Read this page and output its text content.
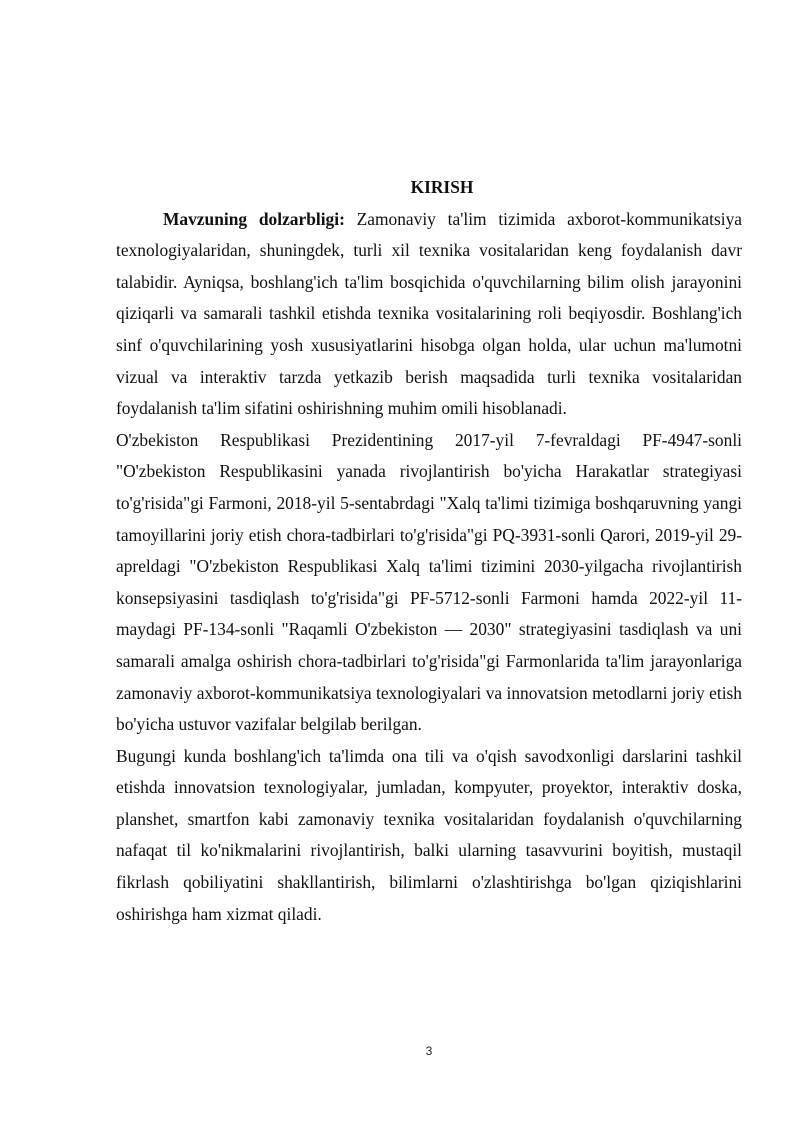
KIRISH

Mavzuning dolzarbligi: Zamonaviy ta'lim tizimida axborot-kommunikatsiya texnologiyalaridan, shuningdek, turli xil texnika vositalaridan keng foydalanish davr talabidir. Ayniqsa, boshlang'ich ta'lim bosqichida o'quvchilarning bilim olish jarayonini qiziqarli va samarali tashkil etishda texnika vositalarining roli beqiyosdir. Boshlang'ich sinf o'quvchilarining yosh xususiyatlarini hisobga olgan holda, ular uchun ma'lumotni vizual va interaktiv tarzda yetkazib berish maqsadida turli texnika vositalaridan foydalanish ta'lim sifatini oshirishning muhim omili hisoblanadi.

O'zbekiston Respublikasi Prezidentining 2017-yil 7-fevraldagi PF-4947-sonli "O'zbekiston Respublikasini yanada rivojlantirish bo'yicha Harakatlar strategiyasi to'g'risida"gi Farmoni, 2018-yil 5-sentabrdagi "Xalq ta'limi tizimiga boshqaruvning yangi tamoyillarini joriy etish chora-tadbirlari to'g'risida"gi PQ-3931-sonli Qarori, 2019-yil 29-apreldagi "O'zbekiston Respublikasi Xalq ta'limi tizimini 2030-yilgacha rivojlantirish konsepsiyasini tasdiqlash to'g'risida"gi PF-5712-sonli Farmoni hamda 2022-yil 11-maydagi PF-134-sonli "Raqamli O'zbekiston — 2030" strategiyasini tasdiqlash va uni samarali amalga oshirish chora-tadbirlari to'g'risida"gi Farmonlarida ta'lim jarayonlariga zamonaviy axborot-kommunikatsiya texnologiyalari va innovatsion metodlarni joriy etish bo'yicha ustuvor vazifalar belgilab berilgan.

Bugungi kunda boshlang'ich ta'limda ona tili va o'qish savodxonligi darslarini tashkil etishda innovatsion texnologiyalar, jumladan, kompyuter, proyektor, interaktiv doska, planshet, smartfon kabi zamonaviy texnika vositalaridan foydalanish o'quvchilarning nafaqat til ko'nikmalarini rivojlantirish, balki ularning tasavvurini boyitish, mustaqil fikrlash qobiliyatini shakllantirish, bilimlarni o'zlashtirishga bo'lgan qiziqishlarini oshirishga ham xizmat qiladi.

3
